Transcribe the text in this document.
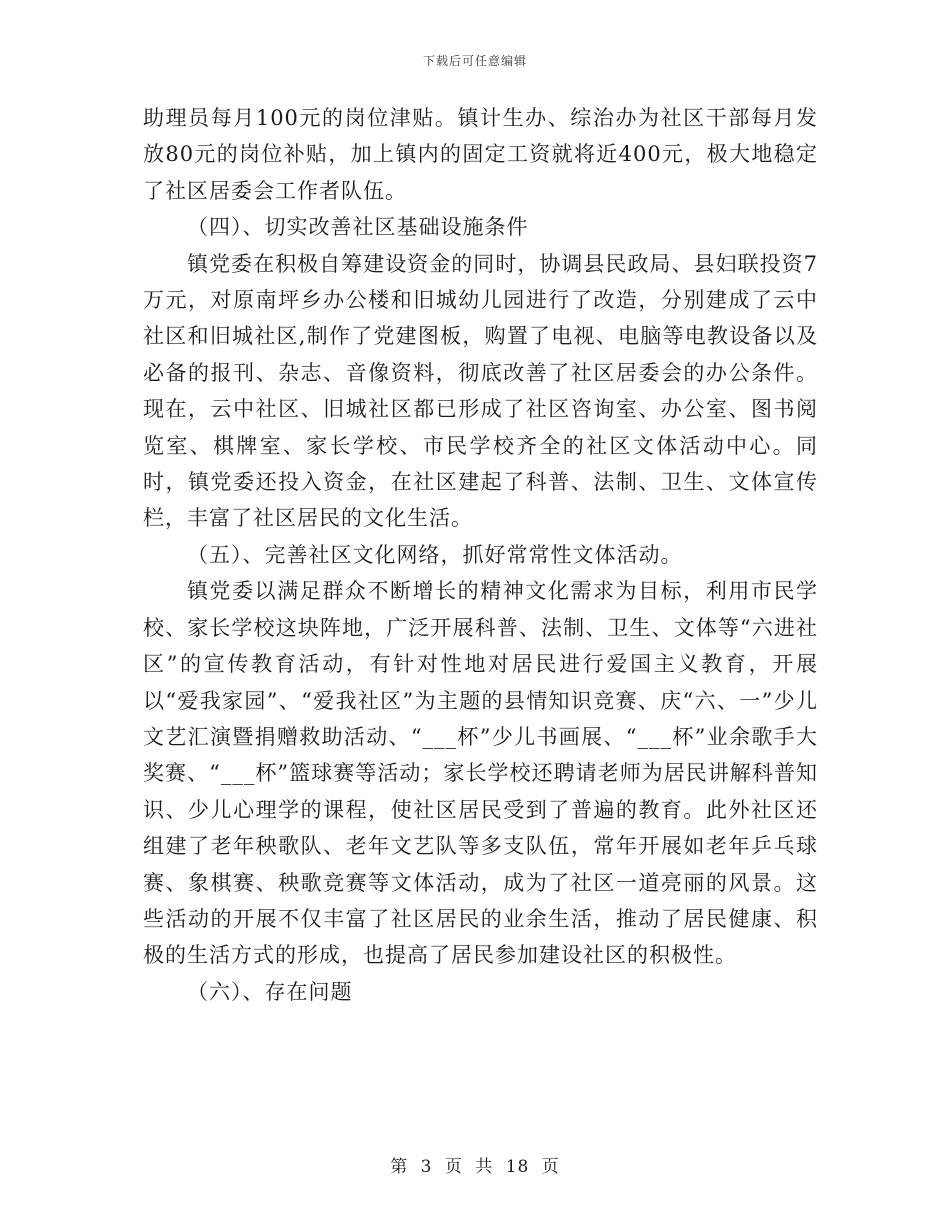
下载后可任意编辑

助理员每月100元的岗位津贴。镇计生办、综治办为社区干部每月发放80元的岗位补贴，加上镇内的固定工资就将近400元，极大地稳定了社区居委会工作者队伍。

（四）、切实改善社区基础设施条件

镇党委在积极自筹建设资金的同时，协调县民政局、县妇联投资7万元，对原南坪乡办公楼和旧城幼儿园进行了改造，分别建成了云中社区和旧城社区,制作了党建图板，购置了电视、电脑等电教设备以及必备的报刊、杂志、音像资料，彻底改善了社区居委会的办公条件。现在，云中社区、旧城社区都已形成了社区咨询室、办公室、图书阅览室、棋牌室、家长学校、市民学校齐全的社区文体活动中心。同时，镇党委还投入资金，在社区建起了科普、法制、卫生、文体宣传栏，丰富了社区居民的文化生活。

（五）、完善社区文化网络，抓好常常性文体活动。

镇党委以满足群众不断增长的精神文化需求为目标，利用市民学校、家长学校这块阵地，广泛开展科普、法制、卫生、文体等“六进社区”的宣传教育活动，有针对性地对居民进行爱国主义教育，开展以“爱我家园”、“爱我社区”为主题的县情知识竞赛、庆“六、一”少儿文艺汇演暨捐赠救助活动、“___杯”少儿书画展、“___杯”业余歌手大奖赛、“___杯”篮球赛等活动；家长学校还聘请老师为居民讲解科普知识、少儿心理学的课程，使社区居民受到了普遍的教育。此外社区还组建了老年秧歌队、老年文艺队等多支队伍，常年开展如老年乒乓球赛、象棋赛、秧歌竞赛等文体活动，成为了社区一道亮丽的风景。这些活动的开展不仅丰富了社区居民的业余生活，推动了居民健康、积极的生活方式的形成，也提高了居民参加建设社区的积极性。

（六）、存在问题

第 3 页 共 18 页
